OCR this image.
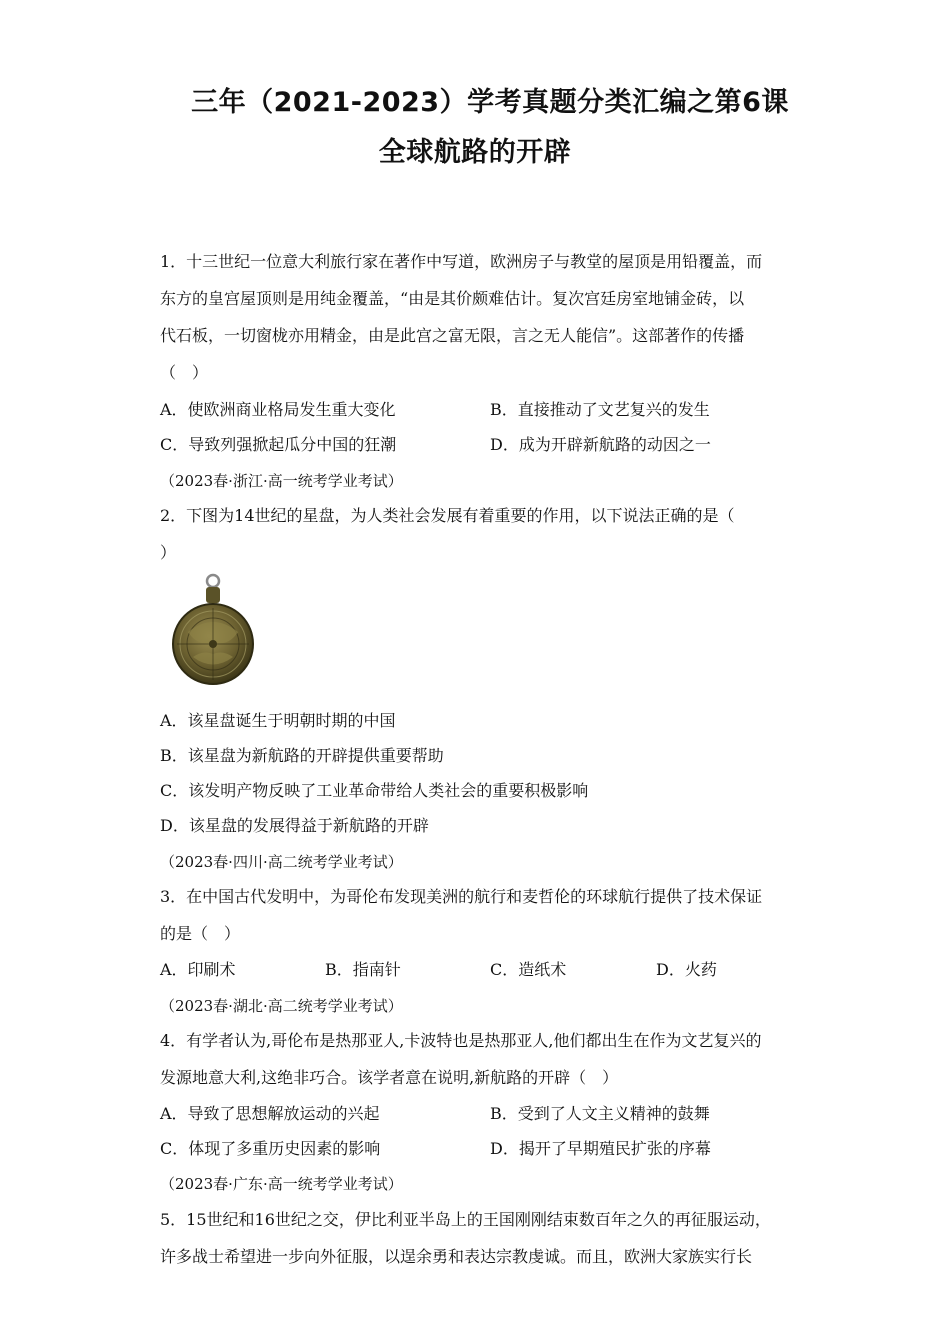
三年（2021-2023）学考真题分类汇编之第6课
全球航路的开辟
1．十三世纪一位意大利旅行家在著作中写道，欧洲房子与教堂的屋顶是用铅覆盖，而
东方的皇宫屋顶则是用纯金覆盖，“由是其价颇难估计。复次宫廷房室地铺金砖，以
代石板，一切窗栊亦用精金，由是此宫之富无限，言之无人能信”。这部著作的传播
（　）
A．使欧洲商业格局发生重大变化	B．直接推动了文艺复兴的发生
C．导致列强掀起瓜分中国的狂潮	D．成为开辟新航路的动因之一
（2023春·浙江·高一统考学业考试）
2．下图为14世纪的星盘，为人类社会发展有着重要的作用，以下说法正确的是（
）
A．该星盘诞生于明朝时期的中国
B．该星盘为新航路的开辟提供重要帮助
C．该发明产物反映了工业革命带给人类社会的重要积极影响
D．该星盘的发展得益于新航路的开辟
（2023春·四川·高二统考学业考试）
3．在中国古代发明中，为哥伦布发现美洲的航行和麦哲伦的环球航行提供了技术保证
的是（　）
A．印刷术	B．指南针	C．造纸术	D．火药
（2023春·湖北·高二统考学业考试）
4．有学者认为,哥伦布是热那亚人,卡波特也是热那亚人,他们都出生在作为文艺复兴的
发源地意大利,这绝非巧合。该学者意在说明,新航路的开辟（　）
A．导致了思想解放运动的兴起	B．受到了人文主义精神的鼓舞
C．体现了多重历史因素的影响	D．揭开了早期殖民扩张的序幕
（2023春·广东·高一统考学业考试）
5．15世纪和16世纪之交，伊比利亚半岛上的王国刚刚结束数百年之久的再征服运动，
许多战士希望进一步向外征服，以逞余勇和表达宗教虔诚。而且，欧洲大家族实行长
